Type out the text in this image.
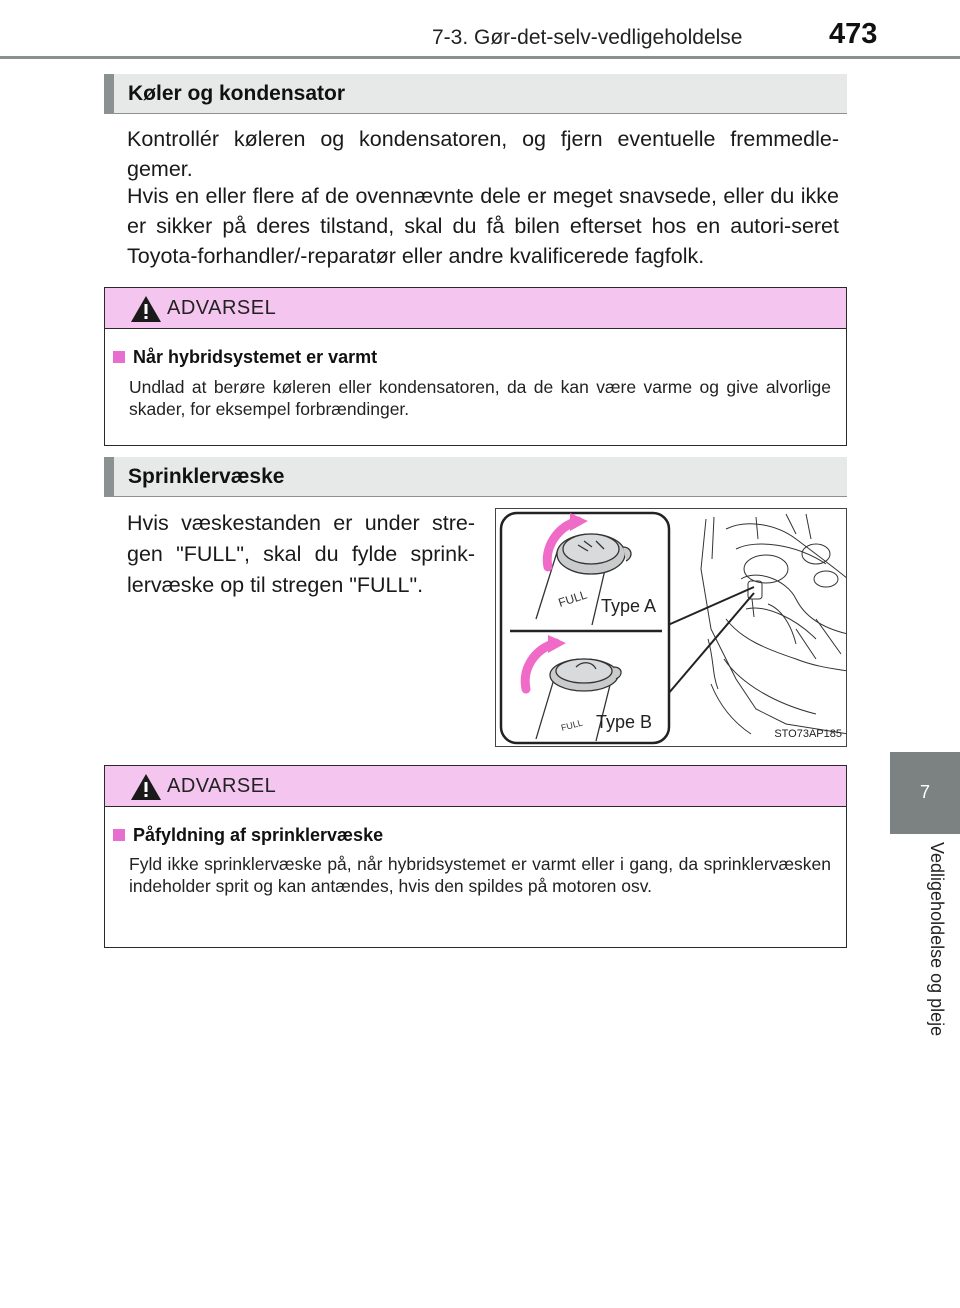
7-3. Gør-det-selv-vedligeholdelse	473
7
Vedligeholdelse og pleje
Køler og kondensator
Kontrollér køleren og kondensatoren, og fjern eventuelle fremmedle-gemer.
Hvis en eller flere af de ovennævnte dele er meget snavsede, eller du ikke er sikker på deres tilstand, skal du få bilen efterset hos en autori-seret Toyota-forhandler/-reparatør eller andre kvalificerede fagfolk.
ADVARSEL
Når hybridsystemet er varmt
Undlad at berøre køleren eller kondensatoren, da de kan være varme og give alvorlige skader, for eksempel forbrændinger.
Sprinklervæske
Hvis væskestanden er under stre-gen "FULL", skal du fylde sprink-lervæske op til stregen "FULL".
FULL
FULL
Type A
Type B
STO73AP185
ADVARSEL
Påfyldning af sprinklervæske
Fyld ikke sprinklervæske på, når hybridsystemet er varmt eller i gang, da sprinklervæsken indeholder sprit og kan antændes, hvis den spildes på motoren osv.
